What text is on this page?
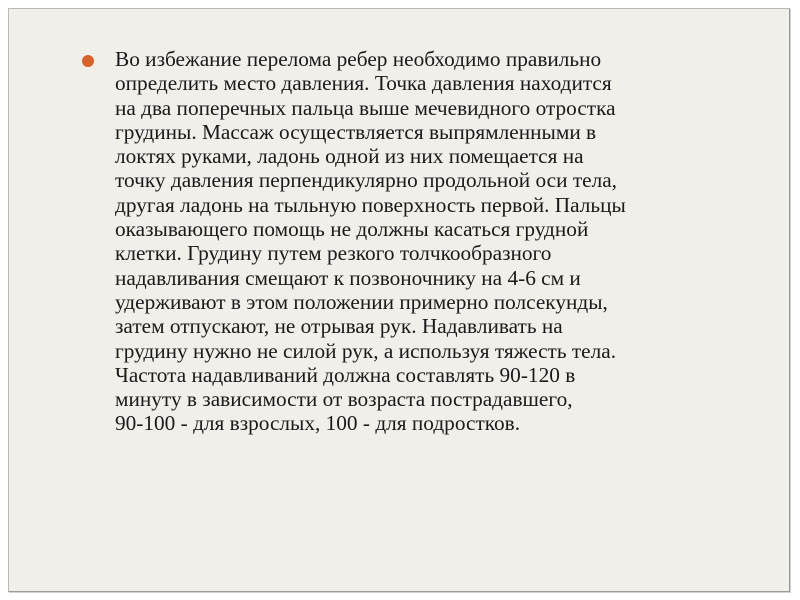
Во избежание перелома ребер необходимо правильно
определить место давления. Точка давления находится
на два поперечных пальца выше мечевидного отростка
грудины. Массаж осуществляется выпрямленными в
локтях руками, ладонь одной из них помещается на
точку давления перпендикулярно продольной оси тела,
другая ладонь на тыльную поверхность первой. Пальцы
оказывающего помощь не должны касаться грудной
клетки. Грудину путем резкого толчкообразного
надавливания смещают к позвоночнику на 4-6 см и
удерживают в этом положении примерно полсекунды,
затем отпускают, не отрывая рук. Надавливать на
грудину нужно не силой рук, а используя тяжесть тела.
Частота надавливаний должна составлять 90-120 в
минуту в зависимости от возраста пострадавшего,
90-100 - для взрослых, 100 - для подростков.
